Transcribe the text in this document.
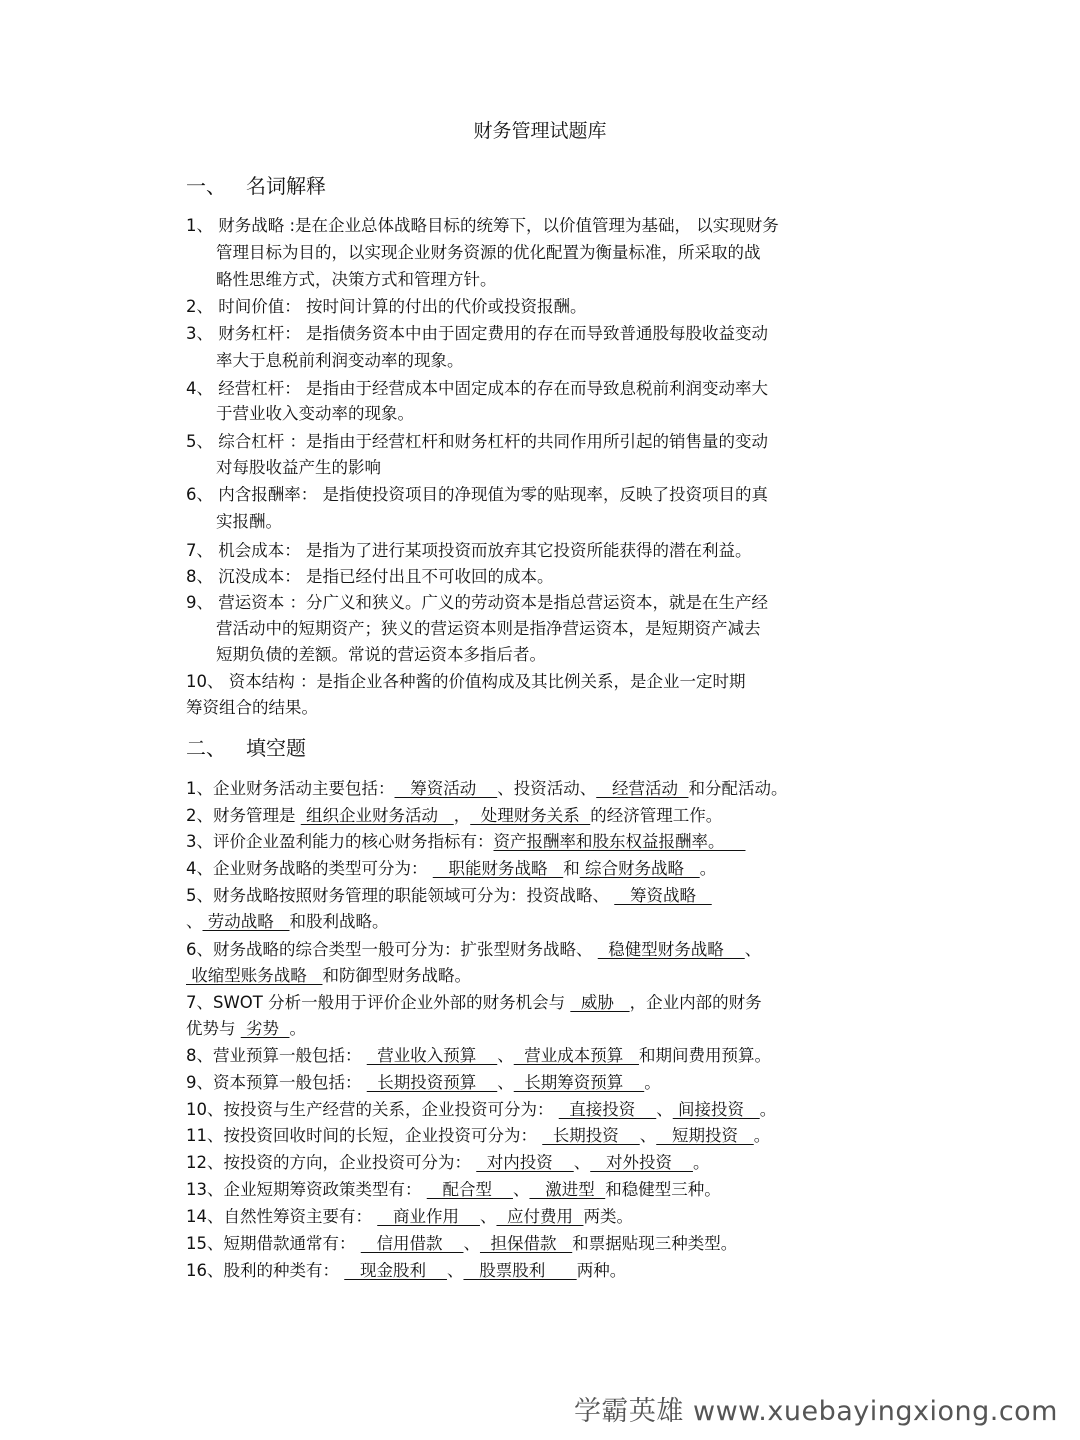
财务管理试题库
一、 名词解释
1、 财务战略 :是在企业总体战略目标的统筹下，以价值管理为基础， 以实现财务
管理目标为目的，以实现企业财务资源的优化配置为衡量标准，所采取的战
略性思维方式，决策方式和管理方针。
2、 时间价值： 按时间计算的付出的代价或投资报酬。
3、 财务杠杆： 是指债务资本中由于固定费用的存在而导致普通股每股收益变动
率大于息税前利润变动率的现象。
4、 经营杠杆： 是指由于经营成本中固定成本的存在而导致息税前利润变动率大
于营业收入变动率的现象。
5、 综合杠杆 ：是指由于经营杠杆和财务杠杆的共同作用所引起的销售量的变动
对每股收益产生的影响
6、 内含报酬率： 是指使投资项目的净现值为零的贴现率，反映了投资项目的真
实报酬。
7、 机会成本： 是指为了进行某项投资而放弃其它投资所能获得的潜在利益。
8、 沉没成本： 是指已经付出且不可收回的成本。
9、 营运资本 ：分广义和狭义。广义的劳动资本是指总营运资本，就是在生产经
营活动中的短期资产；狭义的营运资本则是指净营运资本，是短期资产减去
短期负债的差额。常说的营运资本多指后者。
10、 资本结构 ：是指企业各种酱的价值构成及其比例关系，是企业一定时期
筹资组合的结果。
二、 填空题
1、企业财务活动主要包括：   筹资活动    、投资活动、   经营活动  和分配活动。
2、财务管理是  组织企业财务活动   ，  处理财务关系  的经济管理工作。
3、评价企业盈利能力的核心财务指标有：资产报酬率和股东权益报酬率。
4、企业财务战略的类型可分为：    职能财务战略   和 综合财务战略   。
5、财务战略按照财务管理的职能领域可分为：投资战略、    筹资战略
、 劳动战略   和股利战略。
6、财务战略的综合类型一般可分为：扩张型财务战略、   稳健型财务战略    、
收缩型账务战略   和防御型财务战略。
7、SWOT 分析一般用于评价企业外部的财务机会与   威胁   ，企业内部的财务
优势与  劣势  。
8、营业预算一般包括：   营业收入预算    、  营业成本预算   和期间费用预算。
9、资本预算一般包括：   长期投资预算    、  长期筹资预算    。
10、按投资与生产经营的关系，企业投资可分为：   直接投资    、 间接投资   。
11、按投资回收时间的长短，企业投资可分为：   长期投资    、   短期投资   。
12、按投资的方向，企业投资可分为：   对内投资    、   对外投资    。
13、企业短期筹资政策类型有：    配合型    、   激进型  和稳健型三种。
14、自然性筹资主要有：    商业作用    、  应付费用  两类。
15、短期借款通常有：    信用借款    、  担保借款   和票据贴现三种类型。
16、股利的种类有：    现金股利    、   股票股利      两种。
学霸英雄 www.xuebayingxiong.com
